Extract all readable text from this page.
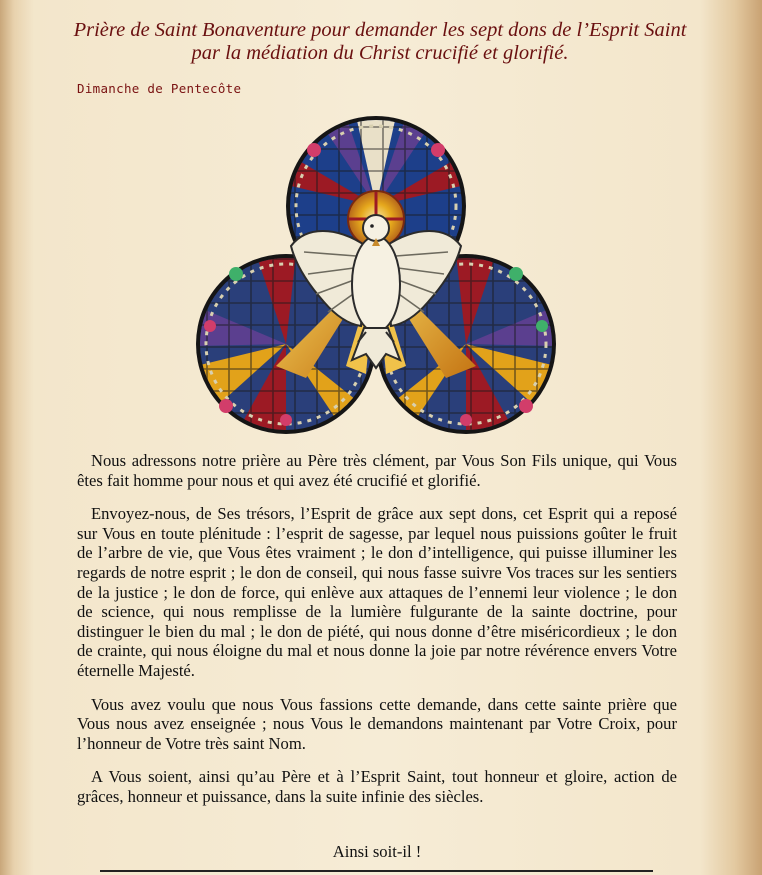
Prière de Saint Bonaventure pour demander les sept dons de l’Esprit Saint par la médiation du Christ crucifié et glorifié.
Dimanche de Pentecôte

Nous adressons notre prière au Père très clément, par Vous Son Fils unique, qui Vous êtes fait homme pour nous et qui avez été crucifié et glorifié.

Envoyez-nous, de Ses trésors, l’Esprit de grâce aux sept dons, cet Esprit qui a reposé sur Vous en toute plénitude : l’esprit de sagesse, par lequel nous puissions goûter le fruit de l’arbre de vie, que Vous êtes vraiment ; le don d’intelligence, qui puisse illuminer les regards de notre esprit ; le don de conseil, qui nous fasse suivre Vos traces sur les sentiers de la justice ; le don de force, qui enlève aux attaques de l’ennemi leur violence ; le don de science, qui nous remplisse de la lumière fulgurante de la sainte doctrine, pour distinguer le bien du mal ; le don de piété, qui nous donne d’être miséricordieux ; le don de crainte, qui nous éloigne du mal et nous donne la joie par notre révérence envers Votre éternelle Majesté.

Vous avez voulu que nous Vous fassions cette demande, dans cette sainte prière que Vous nous avez enseignée ; nous Vous le demandons maintenant par Votre Croix, pour l’honneur de Votre très saint Nom.

A Vous soient, ainsi qu’au Père et à l’Esprit Saint, tout honneur et gloire, action de grâces, honneur et puissance, dans la suite infinie des siècles.

Ainsi soit-il !
